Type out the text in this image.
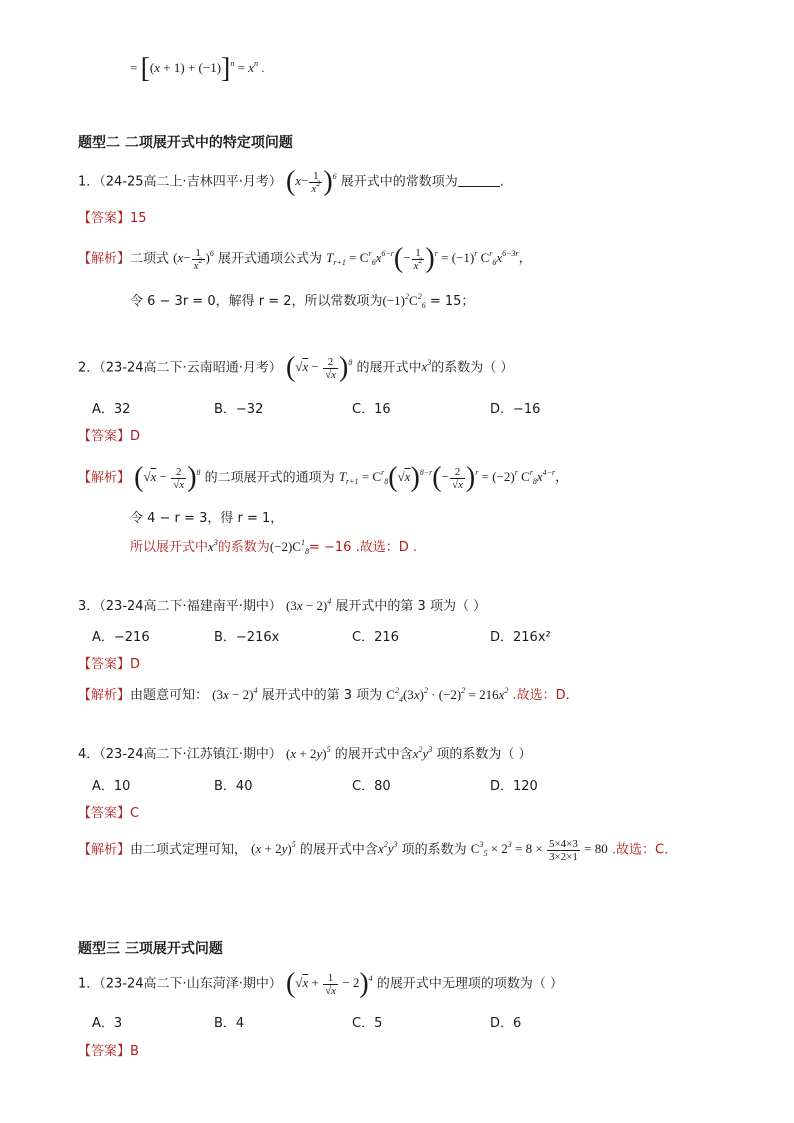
= $[(x + 1) + (-1)]^n = x^n$ .
题型二 二项展开式中的特定项问题
1．（24-25高二上·吉林四平·月考） $(x- \frac{1}{x^2} )^6$ 展开式中的常数项为	.
【答案】15
【解析】二项式 $(x- \frac{1}{x^2} )^6$ 展开式通项公式为 $T_{r+1} = C^r_6x^{6-r}(- \frac{1}{x^2} )^r = (-1)^r$ $C^r_6x^{6-3r}$，
令 6 − 3r = 0，解得 r = 2，所以常数项为$(-1)^2C^2_6 = 15$；
2．（23-24高二下·云南昭通·月考） $(√x - \frac{2}{√x} )^8$ 的展开式中$x^3$的系数为（ ）
A．32	B．−32	C．16	D．−16
【答案】D
【解析】 $(√x - \frac{2}{√x} )^8$ 的二项展开式的通项为 $T_{r+1} = C^r_8(√x)^{8-r}(- \frac{2}{√x} )^r = (-2)^r$ $C^r_8x^{4-r}$，
令 4 − r = 3，得 r = 1，
所以展开式中$x^3$的系数为$(-2)C^1_8= -16$ .故选：D .
3．（23-24高二下·福建南平·期中） $(3x - 2)^4$ 展开式中的第 3 项为（ ）
A．−216	B．−216x	C．216	D．216x²
【答案】D
【解析】由题意可知： $(3x - 2)^4$ 展开式中的第 3 项为 $C^2_4(3x)^2 \cdot (-2)^2 = 216x^2$ .故选：D.
4．（23-24高二下·江苏镇江·期中） $(x + 2y)^5$ 的展开式中含$x^2y^3$ 项的系数为（ ）
A．10	B．40	C．80	D．120
【答案】C
【解析】由二项式定理可知， $(x + 2y)^5$ 的展开式中含$x^2y^3$ 项的系数为 $C^3_5 \times 2^3 = 8 \times \frac{5\times 4\times 3}{3\times 2\times 1} = 80$ .故选：C.
题型三 三项展开式问题
1．（23-24高二下·山东菏泽·期中） $(√x + \frac{1}{√x} - 2)^4$ 的展开式中无理项的项数为（ ）
A．3	B．4	C．5	D．6
【答案】B
